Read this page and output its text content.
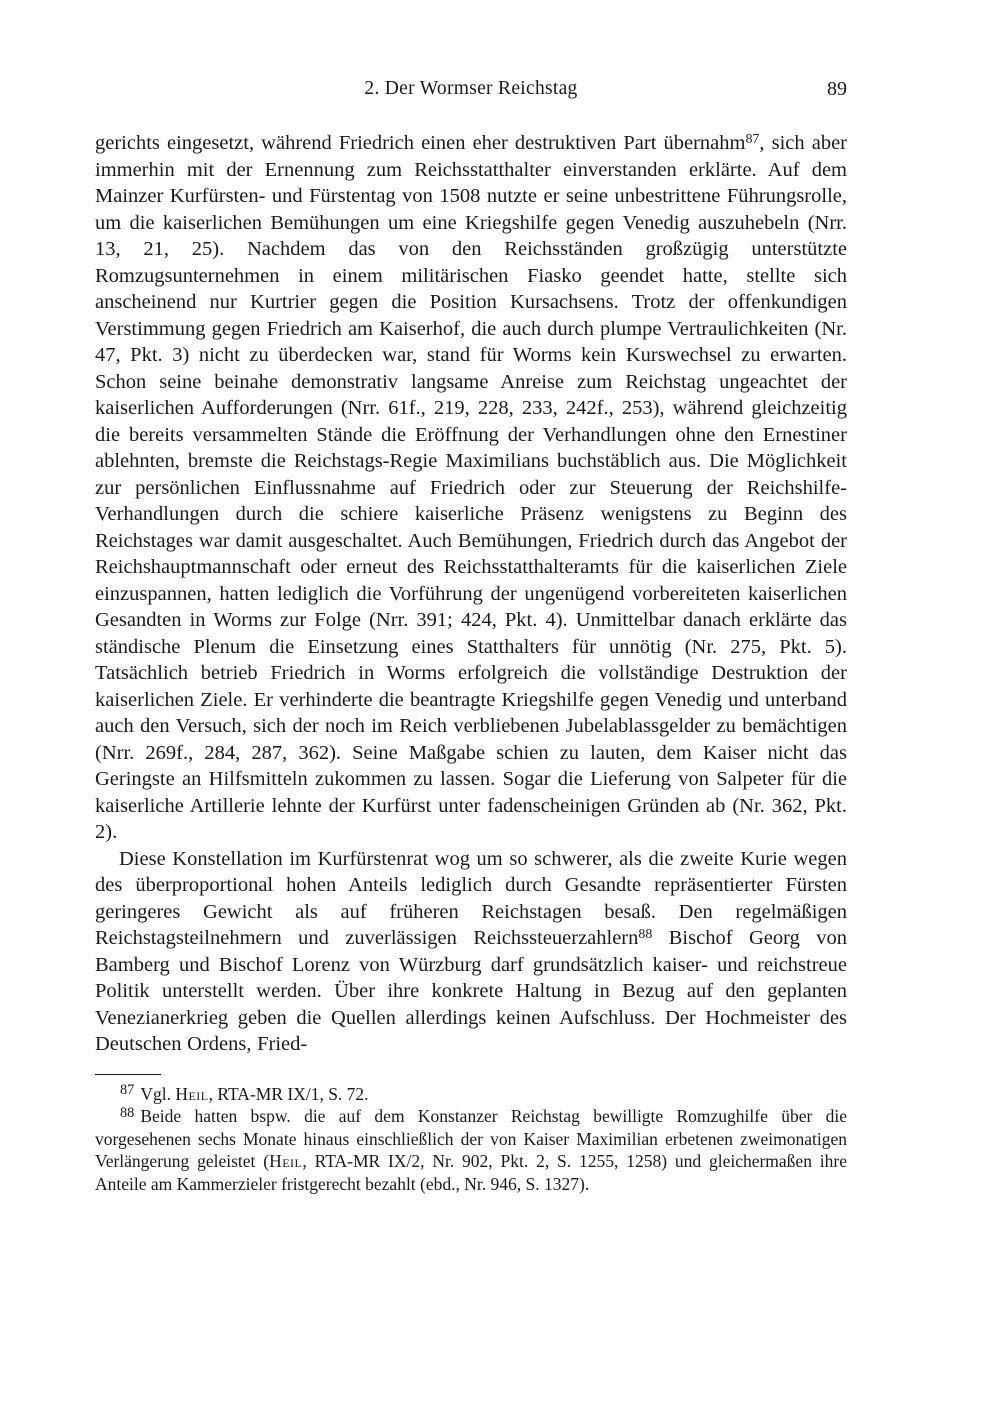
2. Der Wormser Reichstag	89

gerichts eingesetzt, während Friedrich einen eher destruktiven Part übernahm$^{87}$, sich aber immerhin mit der Ernennung zum Reichsstatthalter einverstanden erklärte. Auf dem Mainzer Kurfürsten- und Fürstentag von 1508 nutzte er seine unbestrittene Führungsrolle, um die kaiserlichen Bemühungen um eine Kriegshilfe gegen Venedig auszuhebeln (Nrr. 13, 21, 25). Nachdem das von den Reichsständen großzügig unterstützte Romzugsunternehmen in einem militärischen Fiasko geendet hatte, stellte sich anscheinend nur Kurtrier gegen die Position Kursachsens. Trotz der offenkundigen Verstimmung gegen Friedrich am Kaiserhof, die auch durch plumpe Vertraulichkeiten (Nr. 47, Pkt. 3) nicht zu überdecken war, stand für Worms kein Kurswechsel zu erwarten. Schon seine beinahe demonstrativ langsame Anreise zum Reichstag ungeachtet der kaiserlichen Aufforderungen (Nrr. 61f., 219, 228, 233, 242f., 253), während gleichzeitig die bereits versammelten Stände die Eröffnung der Verhandlungen ohne den Ernestiner ablehnten, bremste die Reichstags-Regie Maximilians buchstäblich aus. Die Möglichkeit zur persönlichen Einflussnahme auf Friedrich oder zur Steuerung der Reichshilfe-Verhandlungen durch die schiere kaiserliche Präsenz wenigstens zu Beginn des Reichstages war damit ausgeschaltet. Auch Bemühungen, Friedrich durch das Angebot der Reichshauptmannschaft oder erneut des Reichsstatthalteramts für die kaiserlichen Ziele einzuspannen, hatten lediglich die Vorführung der ungenügend vorbereiteten kaiserlichen Gesandten in Worms zur Folge (Nrr. 391; 424, Pkt. 4). Unmittelbar danach erklärte das ständische Plenum die Einsetzung eines Statthalters für unnötig (Nr. 275, Pkt. 5). Tatsächlich betrieb Friedrich in Worms erfolgreich die vollständige Destruktion der kaiserlichen Ziele. Er verhinderte die beantragte Kriegshilfe gegen Venedig und unterband auch den Versuch, sich der noch im Reich verbliebenen Jubelablassgelder zu bemächtigen (Nrr. 269f., 284, 287, 362). Seine Maßgabe schien zu lauten, dem Kaiser nicht das Geringste an Hilfsmitteln zukommen zu lassen. Sogar die Lieferung von Salpeter für die kaiserliche Artillerie lehnte der Kurfürst unter fadenscheinigen Gründen ab (Nr. 362, Pkt. 2).

Diese Konstellation im Kurfürstenrat wog um so schwerer, als die zweite Kurie wegen des überproportional hohen Anteils lediglich durch Gesandte repräsentierter Fürsten geringeres Gewicht als auf früheren Reichstagen besaß. Den regelmäßigen Reichstagsteilnehmern und zuverlässigen Reichssteuerzahlern$^{88}$ Bischof Georg von Bamberg und Bischof Lorenz von Würzburg darf grundsätzlich kaiser- und reichstreue Politik unterstellt werden. Über ihre konkrete Haltung in Bezug auf den geplanten Venezianerkrieg geben die Quellen allerdings keinen Aufschluss. Der Hochmeister des Deutschen Ordens, Fried-

$^{87}$ Vgl. Heil, RTA-MR IX/1, S. 72.

$^{88}$ Beide hatten bspw. die auf dem Konstanzer Reichstag bewilligte Romzughilfe über die vorgesehenen sechs Monate hinaus einschließlich der von Kaiser Maximilian erbetenen zweimonatigen Verlängerung geleistet (Heil, RTA-MR IX/2, Nr. 902, Pkt. 2, S. 1255, 1258) und gleichermaßen ihre Anteile am Kammerzieler fristgerecht bezahlt (ebd., Nr. 946, S. 1327).
